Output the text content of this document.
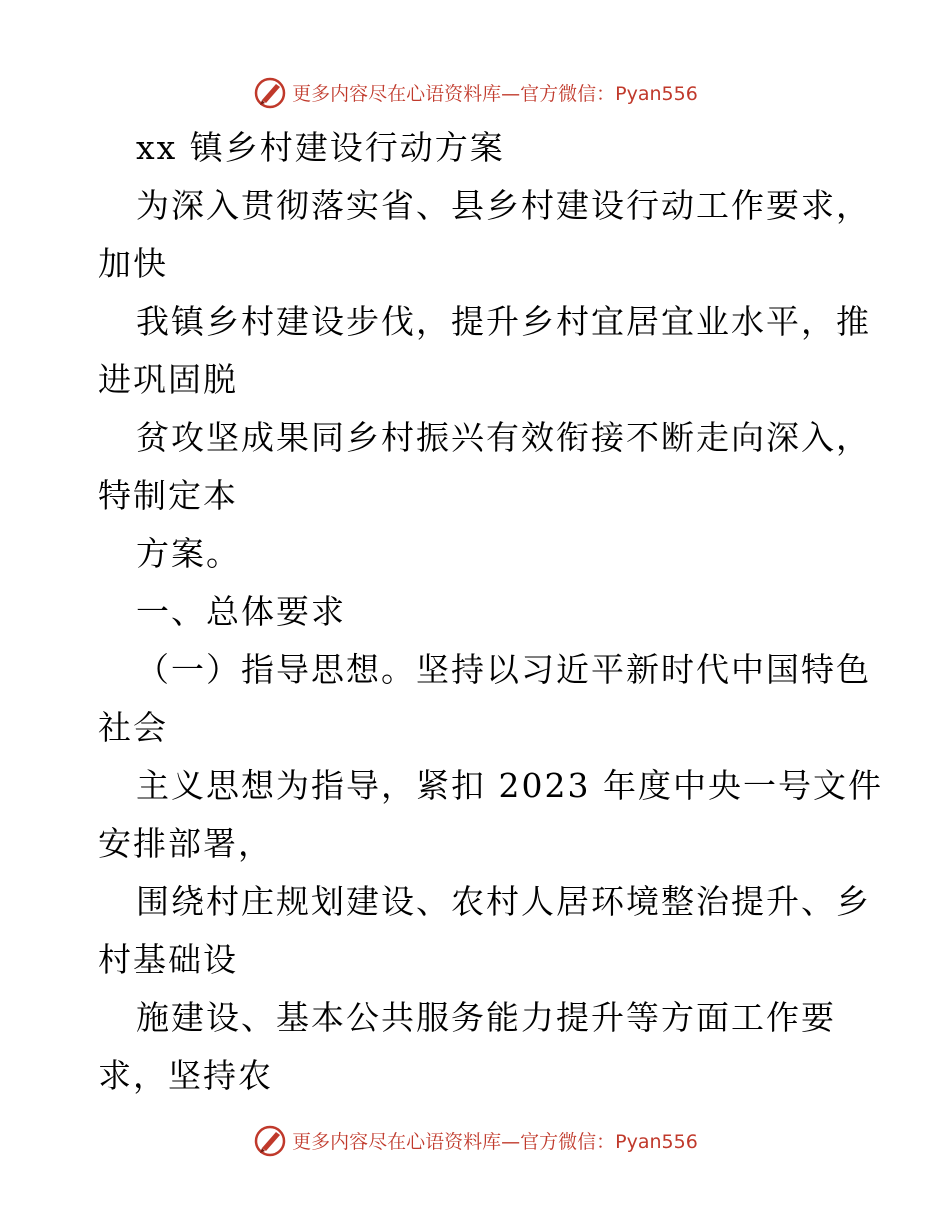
更多内容尽在心语资料库—官方微信：Pyan556
xx 镇乡村建设行动方案
为深入贯彻落实省、县乡村建设行动工作要求，
加快
我镇乡村建设步伐，提升乡村宜居宜业水平，推
进巩固脱
贫攻坚成果同乡村振兴有效衔接不断走向深入，
特制定本
方案。
一、总体要求
（一）指导思想。坚持以习近平新时代中国特色
社会
主义思想为指导，紧扣 2023 年度中央一号文件
安排部署，
围绕村庄规划建设、农村人居环境整治提升、乡
村基础设
施建设、基本公共服务能力提升等方面工作要
求，坚持农
更多内容尽在心语资料库—官方微信：Pyan556
